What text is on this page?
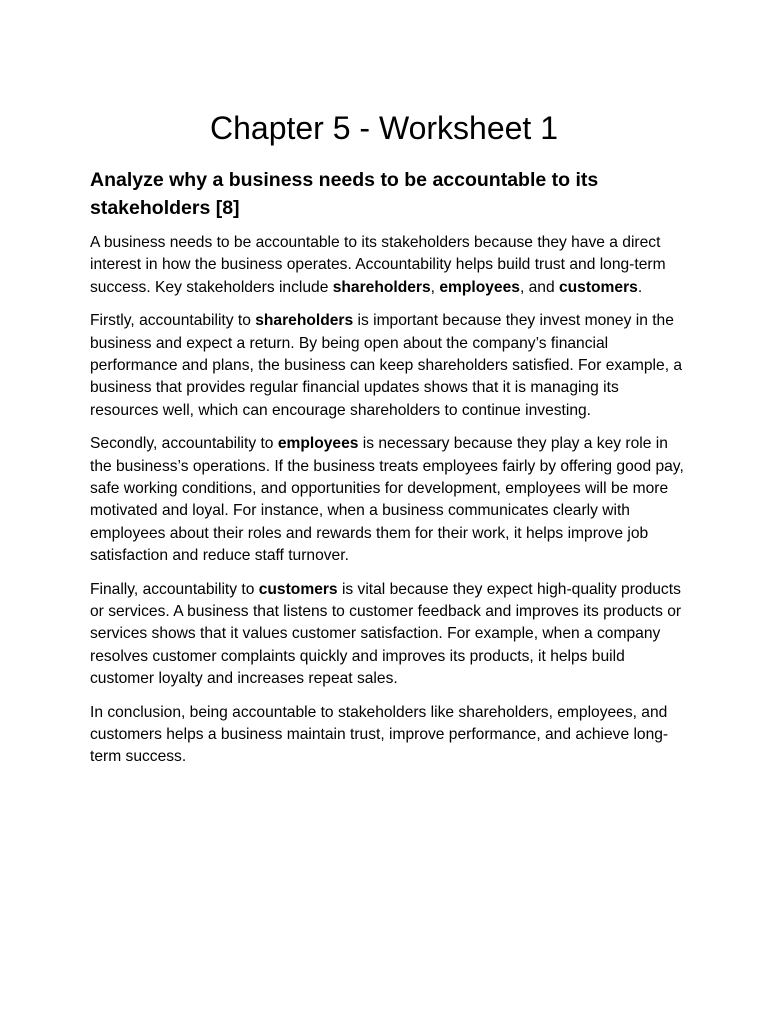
Chapter 5 - Worksheet 1
Analyze why a business needs to be accountable to its stakeholders [8]

A business needs to be accountable to its stakeholders because they have a direct interest in how the business operates. Accountability helps build trust and long-term success. Key stakeholders include shareholders, employees, and customers.

Firstly, accountability to shareholders is important because they invest money in the business and expect a return. By being open about the company’s financial performance and plans, the business can keep shareholders satisfied. For example, a business that provides regular financial updates shows that it is managing its resources well, which can encourage shareholders to continue investing.

Secondly, accountability to employees is necessary because they play a key role in the business’s operations. If the business treats employees fairly by offering good pay, safe working conditions, and opportunities for development, employees will be more motivated and loyal. For instance, when a business communicates clearly with employees about their roles and rewards them for their work, it helps improve job satisfaction and reduce staff turnover.

Finally, accountability to customers is vital because they expect high-quality products or services. A business that listens to customer feedback and improves its products or services shows that it values customer satisfaction. For example, when a company resolves customer complaints quickly and improves its products, it helps build customer loyalty and increases repeat sales.

In conclusion, being accountable to stakeholders like shareholders, employees, and customers helps a business maintain trust, improve performance, and achieve long-term success.
